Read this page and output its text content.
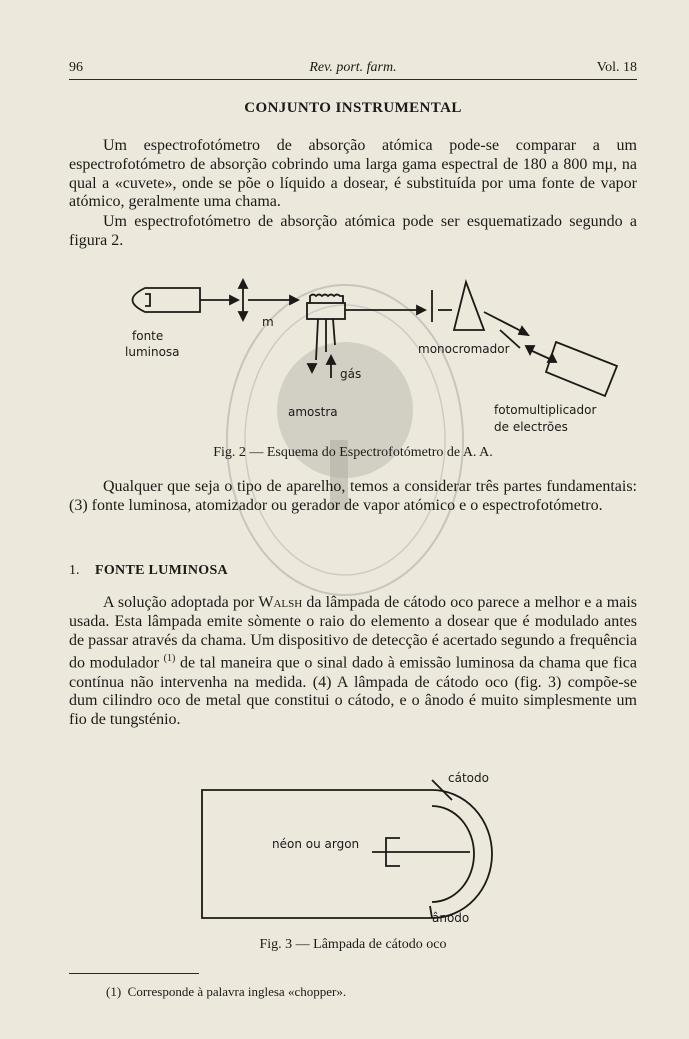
96	Rev. port. farm.	Vol. 18
CONJUNTO INSTRUMENTAL
Um espectrofotómetro de absorção atómica pode-se comparar a um espectrofotómetro de absorção cobrindo uma larga gama espectral de 180 a 800 mμ, na qual a «cuvete», onde se põe o líquido a dosear, é substituída por uma fonte de vapor atómico, geralmente uma chama.
Um espectrofotómetro de absorção atómica pode ser esquematizado segundo a figura 2.
fonte
luminosa
m
gás
amostra
monocromador
fotomultiplicador
de electrões
Fig. 2 — Esquema do Espectrofotómetro de A. A.
Qualquer que seja o tipo de aparelho, temos a considerar três partes fundamentais: (3) fonte luminosa, atomizador ou gerador de vapor atómico e o espectrofotómetro.
1. FONTE LUMINOSA
A solução adoptada por Walsh da lâmpada de cátodo oco parece a melhor e a mais usada. Esta lâmpada emite sòmente o raio do elemento a dosear que é modulado antes de passar através da chama. Um dispositivo de detecção é acertado segundo a frequência do modulador $^{(1)}$ de tal maneira que o sinal dado à emissão luminosa da chama que fica contínua não intervenha na medida. (4) A lâmpada de cátodo oco (fig. 3) compõe-se dum cilindro oco de metal que constitui o cátodo, e o ânodo é muito simplesmente um fio de tungsténio.
cátodo
néon ou argon
ânodo
Fig. 3 — Lâmpada de cátodo oco
(1) Corresponde à palavra inglesa «chopper».
